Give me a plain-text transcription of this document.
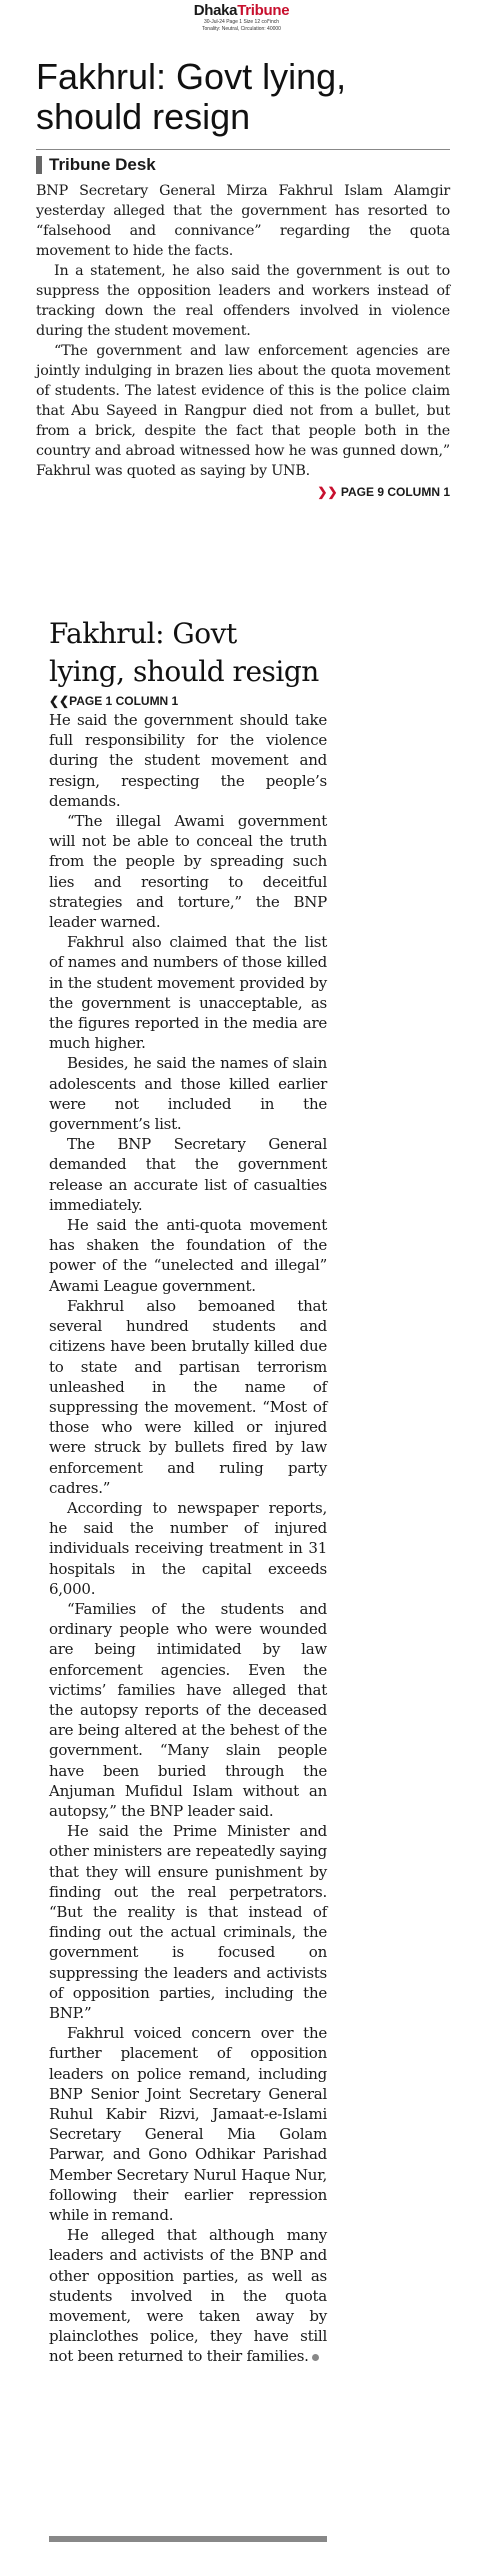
DhakaTribune
30-Jul-24 Page 1 Size 12 col*inch
Tonality: Neutral, Circulation: 40000
Fakhrul: Govt lying,
should resign
Tribune Desk

BNP Secretary General Mirza Fakhrul Islam Alamgir yesterday alleged that the government has resorted to “falsehood and connivance” regarding the quota movement to hide the facts.

In a statement, he also said the government is out to suppress the opposition leaders and workers instead of tracking down the real offenders involved in violence during the student movement.

“The government and law enforcement agencies are jointly indulging in brazen lies about the quota movement of students. The latest evidence of this is the police claim that Abu Sayeed in Rangpur died not from a bullet, but from a brick, despite the fact that people both in the country and abroad witnessed how he was gunned down,” Fakhrul was quoted as saying by UNB.

❯❯ PAGE 9 COLUMN 1
Fakhrul: Govt
lying, should resign
❮❮PAGE 1 COLUMN 1

He said the government should take full responsibility for the violence during the student movement and resign, respecting the people’s demands.

“The illegal Awami government will not be able to conceal the truth from the people by spreading such lies and resorting to deceitful strategies and torture,” the BNP leader warned.

Fakhrul also claimed that the list of names and numbers of those killed in the student movement provided by the government is unacceptable, as the figures reported in the media are much higher.

Besides, he said the names of slain adolescents and those killed earlier were not included in the government’s list.

The BNP Secretary General demanded that the government release an accurate list of casualties immediately.

He said the anti-quota movement has shaken the foundation of the power of the “unelected and illegal” Awami League government.

Fakhrul also bemoaned that several hundred students and citizens have been brutally killed due to state and partisan terrorism unleashed in the name of suppressing the movement. “Most of those who were killed or injured were struck by bullets fired by law enforcement and ruling party cadres.”

According to newspaper reports, he said the number of injured individuals receiving treatment in 31 hospitals in the capital exceeds 6,000.

“Families of the students and ordinary people who were wounded are being intimidated by law enforcement agencies. Even the victims’ families have alleged that the autopsy reports of the deceased are being altered at the behest of the government. “Many slain people have been buried through the Anjuman Mufidul Islam without an autopsy,” the BNP leader said.

He said the Prime Minister and other ministers are repeatedly saying that they will ensure punishment by finding out the real perpetrators. “But the reality is that instead of finding out the actual criminals, the government is focused on suppressing the leaders and activists of opposition parties, including the BNP.”

Fakhrul voiced concern over the further placement of opposition leaders on police remand, including BNP Senior Joint Secretary General Ruhul Kabir Rizvi, Jamaat-e-Islami Secretary General Mia Golam Parwar, and Gono Odhikar Parishad Member Secretary Nurul Haque Nur, following their earlier repression while in remand.

He alleged that although many leaders and activists of the BNP and other opposition parties, as well as students involved in the quota movement, were taken away by plainclothes police, they have still not been returned to their families.
